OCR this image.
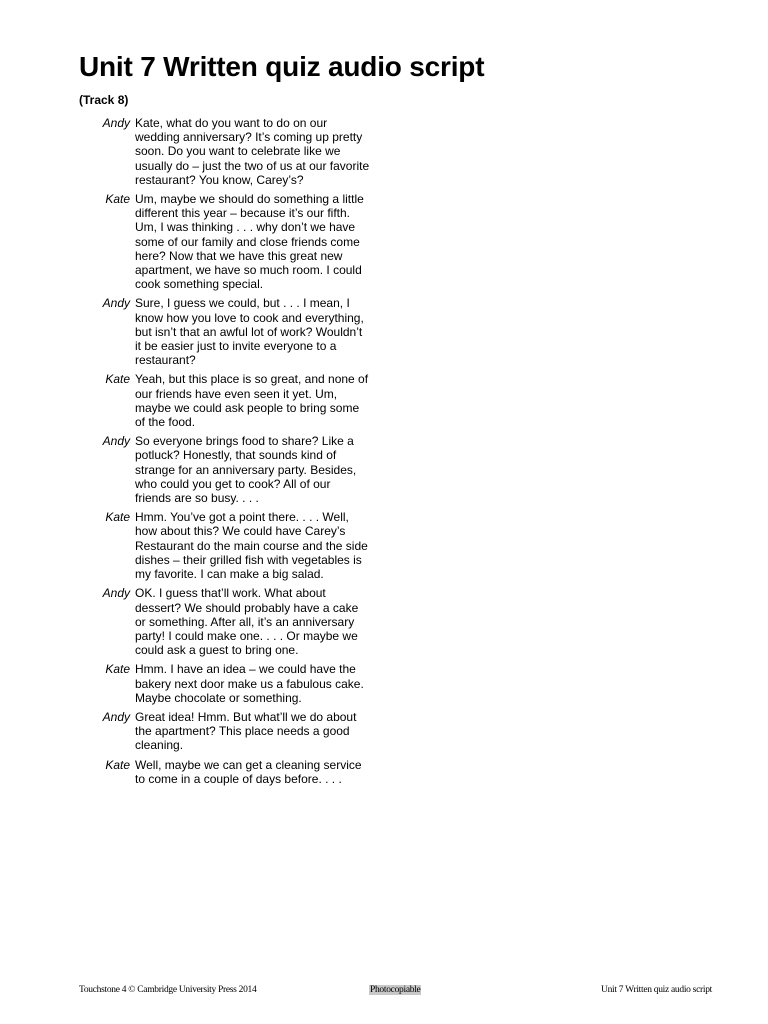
Unit 7 Written quiz audio script
(Track 8)
Andy Kate, what do you want to do on our
wedding anniversary? It’s coming up pretty
soon. Do you want to celebrate like we
usually do – just the two of us at our favorite
restaurant? You know, Carey’s?
Kate Um, maybe we should do something a little
different this year – because it’s our fifth.
Um, I was thinking . . . why don’t we have
some of our family and close friends come
here? Now that we have this great new
apartment, we have so much room. I could
cook something special.
Andy Sure, I guess we could, but . . . I mean, I
know how you love to cook and everything,
but isn’t that an awful lot of work? Wouldn’t
it be easier just to invite everyone to a
restaurant?
Kate Yeah, but this place is so great, and none of
our friends have even seen it yet. Um,
maybe we could ask people to bring some
of the food.
Andy So everyone brings food to share? Like a
potluck? Honestly, that sounds kind of
strange for an anniversary party. Besides,
who could you get to cook? All of our
friends are so busy. . . .
Kate Hmm. You’ve got a point there. . . . Well,
how about this? We could have Carey’s
Restaurant do the main course and the side
dishes – their grilled fish with vegetables is
my favorite. I can make a big salad.
Andy OK. I guess that’ll work. What about
dessert? We should probably have a cake
or something. After all, it’s an anniversary
party! I could make one. . . . Or maybe we
could ask a guest to bring one.
Kate Hmm. I have an idea – we could have the
bakery next door make us a fabulous cake.
Maybe chocolate or something.
Andy Great idea! Hmm. But what’ll we do about
the apartment? This place needs a good
cleaning.
Kate Well, maybe we can get a cleaning service
to come in a couple of days before. . . .
Touchstone 4 © Cambridge University Press 2014	Photocopiable	Unit 7 Written quiz audio script
